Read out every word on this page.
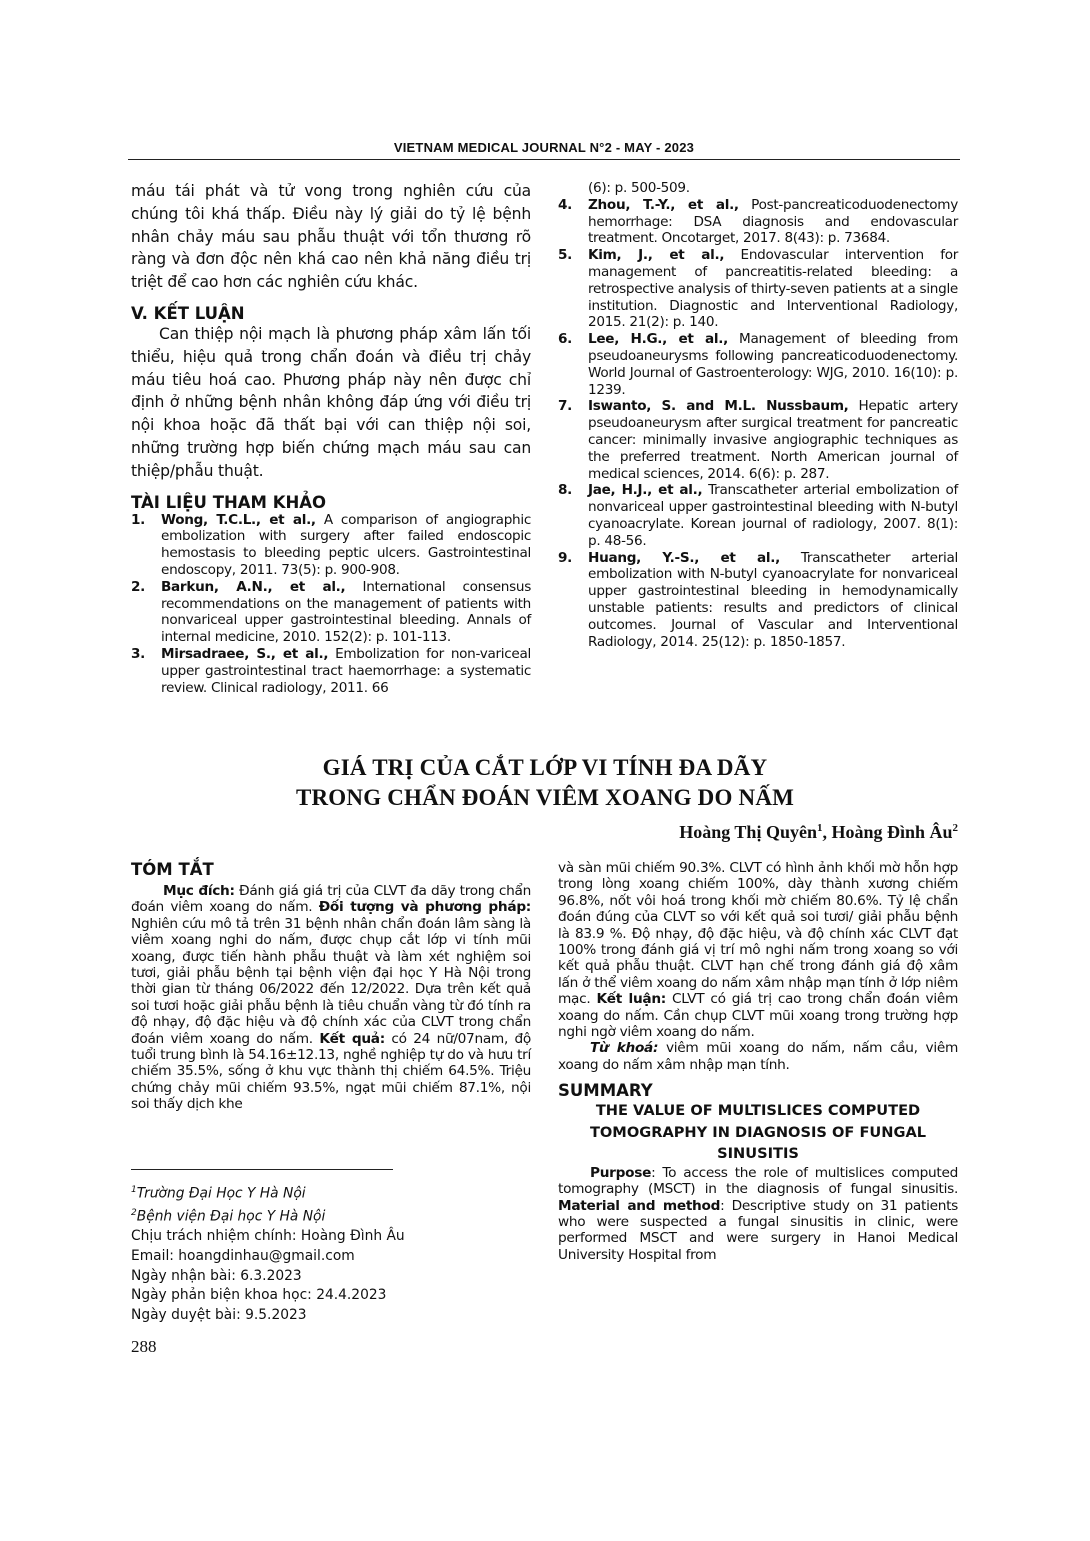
VIETNAM MEDICAL JOURNAL N°2 - MAY - 2023

máu tái phát và tử vong trong nghiên cứu của chúng tôi khá thấp. Điều này lý giải do tỷ lệ bệnh nhân chảy máu sau phẫu thuật với tổn thương rõ ràng và đơn độc nên khá cao nên khả năng điều trị triệt để cao hơn các nghiên cứu khác.

V. KẾT LUẬN

Can thiệp nội mạch là phương pháp xâm lấn tối thiểu, hiệu quả trong chẩn đoán và điều trị chảy máu tiêu hoá cao. Phương pháp này nên được chỉ định ở những bệnh nhân không đáp ứng với điều trị nội khoa hoặc đã thất bại với can thiệp nội soi, những trường hợp biến chứng mạch máu sau can thiệp/phẫu thuật.

TÀI LIỆU THAM KHẢO

1. Wong, T.C.L., et al., A comparison of angiographic embolization with surgery after failed endoscopic hemostasis to bleeding peptic ulcers. Gastrointestinal endoscopy, 2011. 73(5): p. 900-908.
2. Barkun, A.N., et al., International consensus recommendations on the management of patients with nonvariceal upper gastrointestinal bleeding. Annals of internal medicine, 2010. 152(2): p. 101-113.
3. Mirsadraee, S., et al., Embolization for non-variceal upper gastrointestinal tract haemorrhage: a systematic review. Clinical radiology, 2011. 66
(6): p. 500-509.
4. Zhou, T.-Y., et al., Post-pancreaticoduodenectomy hemorrhage: DSA diagnosis and endovascular treatment. Oncotarget, 2017. 8(43): p. 73684.
5. Kim, J., et al., Endovascular intervention for management of pancreatitis-related bleeding: a retrospective analysis of thirty-seven patients at a single institution. Diagnostic and Interventional Radiology, 2015. 21(2): p. 140.
6. Lee, H.G., et al., Management of bleeding from pseudoaneurysms following pancreaticoduodenectomy. World Journal of Gastroenterology: WJG, 2010. 16(10): p. 1239.
7. Iswanto, S. and M.L. Nussbaum, Hepatic artery pseudoaneurysm after surgical treatment for pancreatic cancer: minimally invasive angiographic techniques as the preferred treatment. North American journal of medical sciences, 2014. 6(6): p. 287.
8. Jae, H.J., et al., Transcatheter arterial embolization of nonvariceal upper gastrointestinal bleeding with N-butyl cyanoacrylate. Korean journal of radiology, 2007. 8(1): p. 48-56.
9. Huang, Y.-S., et al., Transcatheter arterial embolization with N-butyl cyanoacrylate for nonvariceal upper gastrointestinal bleeding in hemodynamically unstable patients: results and predictors of clinical outcomes. Journal of Vascular and Interventional Radiology, 2014. 25(12): p. 1850-1857.
GIÁ TRỊ CỦA CẮT LỚP VI TÍNH ĐA DÃY
TRONG CHẨN ĐOÁN VIÊM XOANG DO NẤM
Hoàng Thị Quyên$^1$, Hoàng Đình $Âu^2$

TÓM TẮT

Mục đích: Đánh giá giá trị của CLVT đa dãy trong chẩn đoán viêm xoang do nấm. Đối tượng và phương pháp: Nghiên cứu mô tả trên 31 bệnh nhân chẩn đoán lâm sàng là viêm xoang nghi do nấm, được chụp cắt lớp vi tính mũi xoang, được tiến hành phẫu thuật và làm xét nghiệm soi tươi, giải phẫu bệnh tại bệnh viện đại học Y Hà Nội trong thời gian từ tháng 06/2022 đến 12/2022. Dựa trên kết quả soi tươi hoặc giải phẫu bệnh là tiêu chuẩn vàng từ đó tính ra độ nhạy, độ đặc hiệu và độ chính xác của CLVT trong chẩn đoán viêm xoang do nấm. Kết quả: có 24 nữ/07nam, độ tuổi trung bình là 54.16±12.13, nghề nghiệp tự do và hưu trí chiếm 35.5%, sống ở khu vực thành thị chiếm 64.5%. Triệu chứng chảy mũi chiếm 93.5%, ngạt mũi chiếm 87.1%, nội soi thấy dịch khe

$^1$Trường Đại Học Y Hà Nội
$^2$Bệnh viện Đại học Y Hà Nội
Chịu trách nhiệm chính: Hoàng Đình Âu
Email: hoangdinhau@gmail.com
Ngày nhận bài: 6.3.2023
Ngày phản biện khoa học: 24.4.2023
Ngày duyệt bài: 9.5.2023
288

và sàn mũi chiếm 90.3%. CLVT có hình ảnh khối mờ hỗn hợp trong lòng xoang chiếm 100%, dày thành xương chiếm 96.8%, nốt vôi hoá trong khối mờ chiếm 80.6%. Tỷ lệ chẩn đoán đúng của CLVT so với kết quả soi tươi/ giải phẫu bệnh là 83.9 %. Độ nhạy, độ đặc hiệu, và độ chính xác CLVT đạt 100% trong đánh giá vị trí mô nghi nấm trong xoang so với kết quả phẫu thuật. CLVT hạn chế trong đánh giá độ xâm lấn ở thể viêm xoang do nấm xâm nhập mạn tính ở lớp niêm mạc. Kết luận: CLVT có giá trị cao trong chẩn đoán viêm xoang do nấm. Cần chụp CLVT mũi xoang trong trường hợp nghi ngờ viêm xoang do nấm.

Từ khoá: viêm mũi xoang do nấm, nấm cầu, viêm xoang do nấm xâm nhập mạn tính.

SUMMARY

THE VALUE OF MULTISLICES COMPUTED TOMOGRAPHY IN DIAGNOSIS OF FUNGAL SINUSITIS

Purpose: To access the role of multislices computed tomography (MSCT) in the diagnosis of fungal sinusitis. Material and method: Descriptive study on 31 patients who were suspected a fungal sinusitis in clinic, were performed MSCT and were surgery in Hanoi Medical University Hospital from
